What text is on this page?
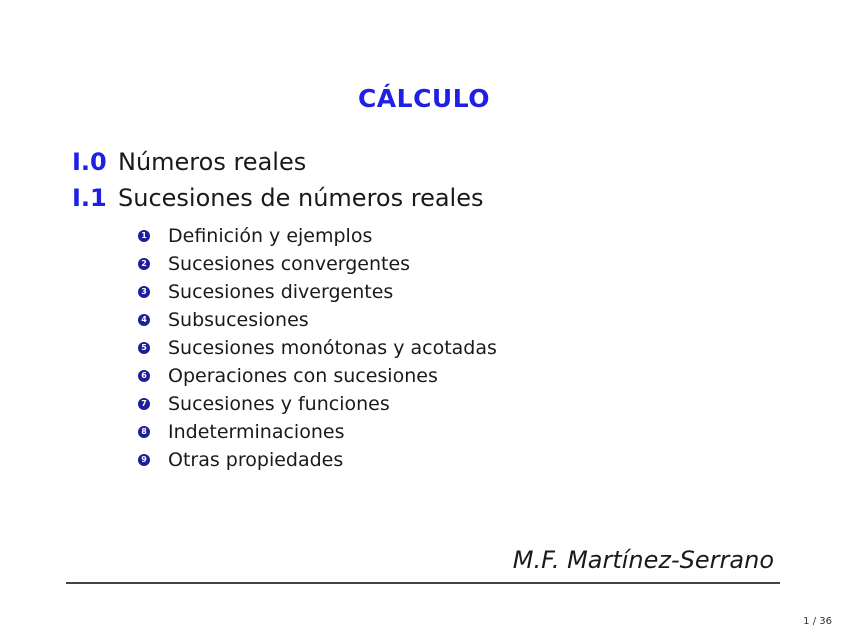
CÁLCULO
I.0 Números reales
I.1 Sucesiones de números reales
1 Definición y ejemplos
2 Sucesiones convergentes
3 Sucesiones divergentes
4 Subsucesiones
5 Sucesiones monótonas y acotadas
6 Operaciones con sucesiones
7 Sucesiones y funciones
8 Indeterminaciones
9 Otras propiedades
M.F. Martínez-Serrano
1 / 36
